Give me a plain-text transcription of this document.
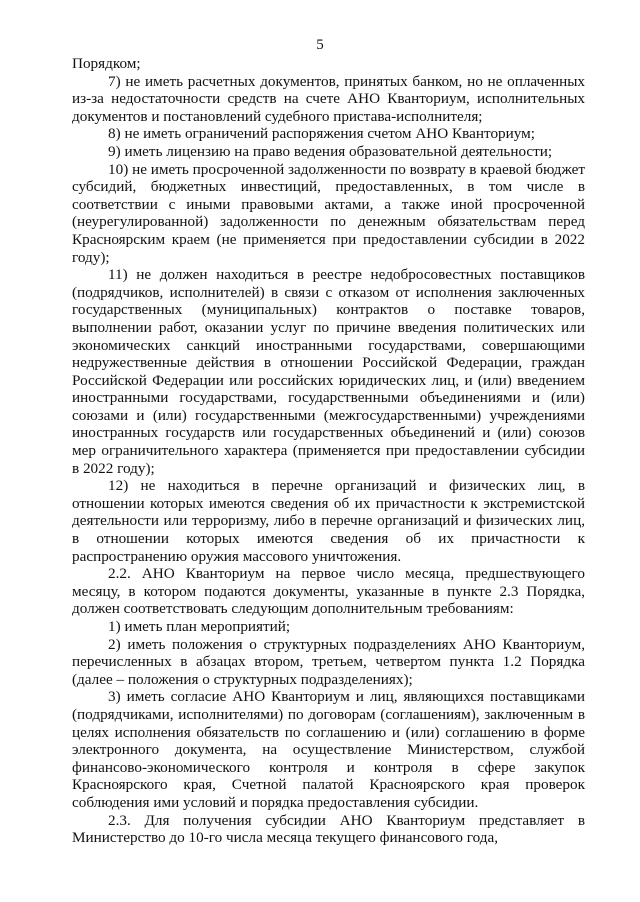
5

Порядком;

7) не иметь расчетных документов, принятых банком, но не оплаченных из-за недостаточности средств на счете АНО Кванториум, исполнительных документов и постановлений судебного пристава-исполнителя;

8) не иметь ограничений распоряжения счетом АНО Кванториум;

9) иметь лицензию на право ведения образовательной деятельности;

10) не иметь просроченной задолженности по возврату в краевой бюджет субсидий, бюджетных инвестиций, предоставленных, в том числе в соответствии с иными правовыми актами, а также иной просроченной (неурегулированной) задолженности по денежным обязательствам перед Красноярским краем (не применяется при предоставлении субсидии в 2022 году);

11) не должен находиться в реестре недобросовестных поставщиков (подрядчиков, исполнителей) в связи с отказом от исполнения заключенных государственных (муниципальных) контрактов о поставке товаров, выполнении работ, оказании услуг по причине введения политических или экономических санкций иностранными государствами, совершающими недружественные действия в отношении Российской Федерации, граждан Российской Федерации или российских юридических лиц, и (или) введением иностранными государствами, государственными объединениями и (или) союзами и (или) государственными (межгосударственными) учреждениями иностранных государств или государственных объединений и (или) союзов мер ограничительного характера (применяется при предоставлении субсидии в 2022 году);

12) не находиться в перечне организаций и физических лиц, в отношении которых имеются сведения об их причастности к экстремистской деятельности или терроризму, либо в перечне организаций и физических лиц, в отношении которых имеются сведения об их причастности к распространению оружия массового уничтожения.

2.2. АНО Кванториум на первое число месяца, предшествующего месяцу, в котором подаются документы, указанные в пункте 2.3 Порядка, должен соответствовать следующим дополнительным требованиям:

1) иметь план мероприятий;

2) иметь положения о структурных подразделениях АНО Кванториум, перечисленных в абзацах втором, третьем, четвертом пункта 1.2 Порядка (далее – положения о структурных подразделениях);

3) иметь согласие АНО Кванториум и лиц, являющихся поставщиками (подрядчиками, исполнителями) по договорам (соглашениям), заключенным в целях исполнения обязательств по соглашению и (или) соглашению в форме электронного документа, на осуществление Министерством, службой финансово-экономического контроля и контроля в сфере закупок Красноярского края, Счетной палатой Красноярского края проверок соблюдения ими условий и порядка предоставления субсидии.

2.3. Для получения субсидии АНО Кванториум представляет в Министерство до 10-го числа месяца текущего финансового года,
